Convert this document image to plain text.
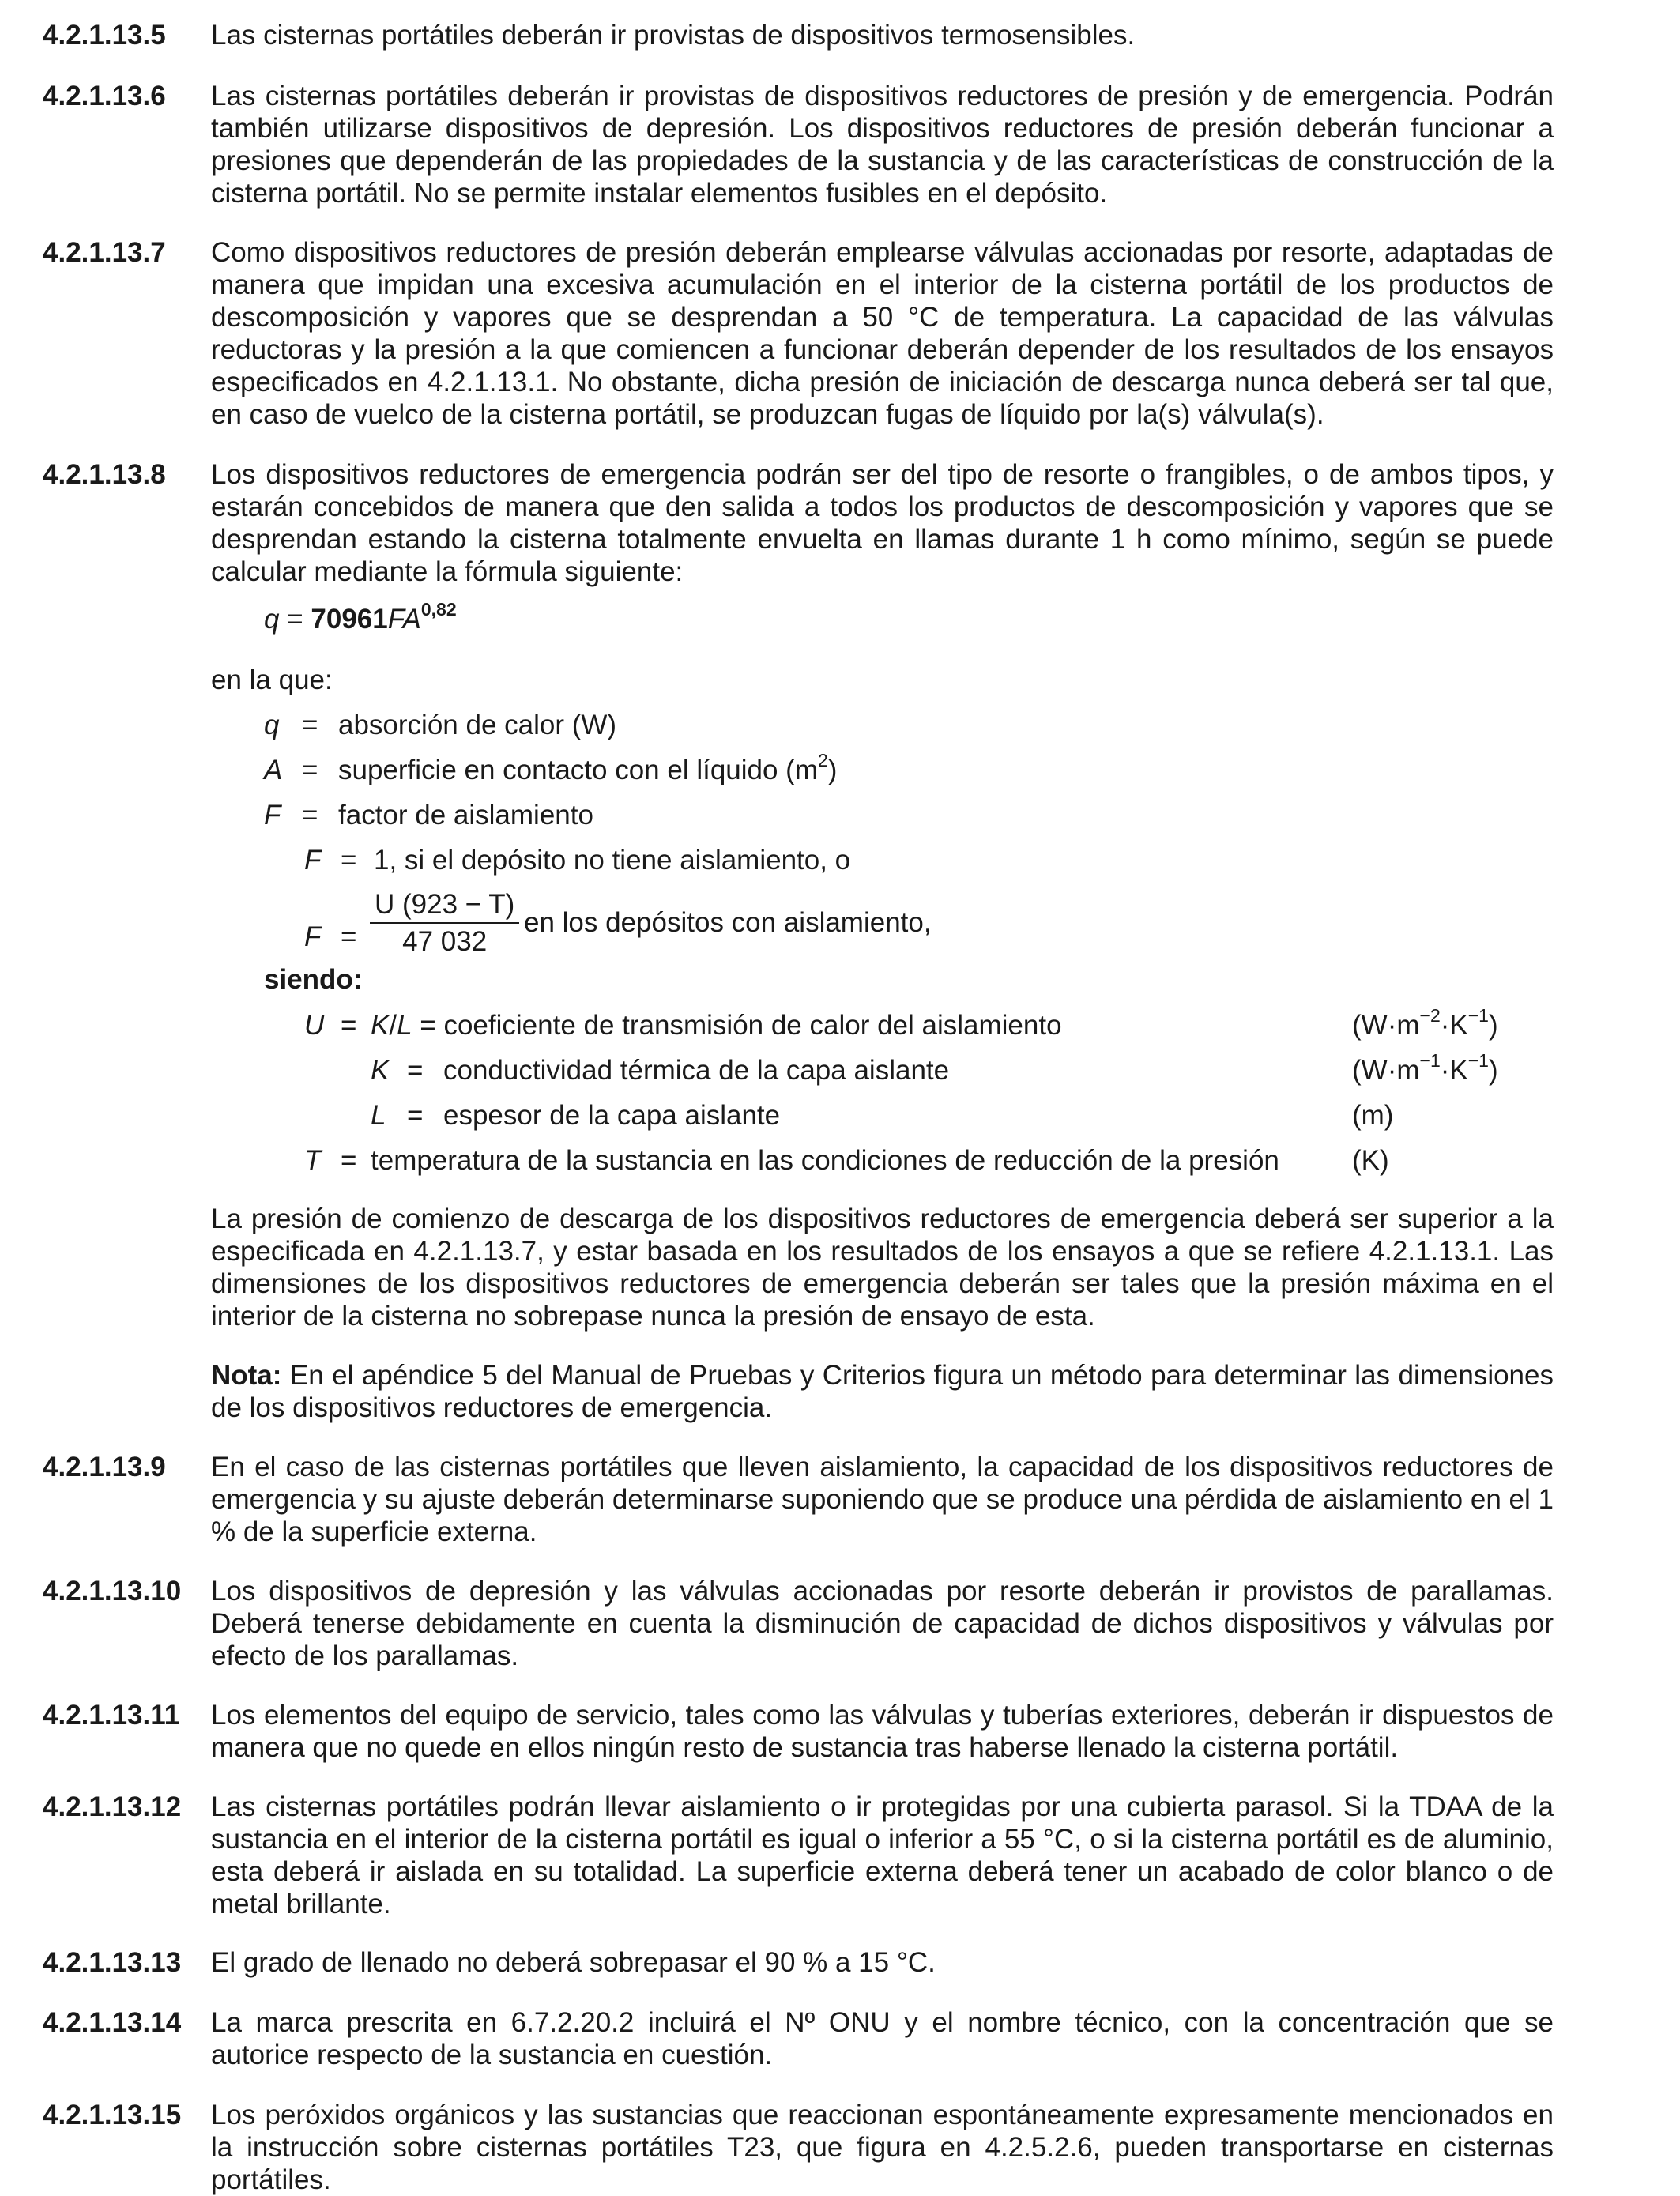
4.2.1.13.5 Las cisternas portátiles deberán ir provistas de dispositivos termosensibles.
4.2.1.13.6 Las cisternas portátiles deberán ir provistas de dispositivos reductores de presión y de emergencia. Podrán también utilizarse dispositivos de depresión. Los dispositivos reductores de presión deberán funcionar a presiones que dependerán de las propiedades de la sustancia y de las características de construcción de la cisterna portátil. No se permite instalar elementos fusibles en el depósito.
4.2.1.13.7 Como dispositivos reductores de presión deberán emplearse válvulas accionadas por resorte, adaptadas de manera que impidan una excesiva acumulación en el interior de la cisterna portátil de los productos de descomposición y vapores que se desprendan a 50 °C de temperatura. La capacidad de las válvulas reductoras y la presión a la que comiencen a funcionar deberán depender de los resultados de los ensayos especificados en 4.2.1.13.1. No obstante, dicha presión de iniciación de descarga nunca deberá ser tal que, en caso de vuelco de la cisterna portátil, se produzcan fugas de líquido por la(s) válvula(s).
4.2.1.13.8 Los dispositivos reductores de emergencia podrán ser del tipo de resorte o frangibles, o de ambos tipos, y estarán concebidos de manera que den salida a todos los productos de descomposición y vapores que se desprendan estando la cisterna totalmente envuelta en llamas durante 1 h como mínimo, según se puede calcular mediante la fórmula siguiente:
q = 70961FA$^{0,82}$
en la que:
q = absorción de calor (W)
A = superficie en contacto con el líquido $(m^2)$
F = factor de aislamiento
F = 1, si el depósito no tiene aislamiento, o
$F = \frac{U (923 - T)}{47 032}$ en los depósitos con aislamiento,
siendo:
U = K/L = coeficiente de transmisión de calor del aislamiento	$(W\cdot m^{-2}\cdot K^{-1})$
K = conductividad térmica de la capa aislante	$(W\cdot m^{-1}\cdot K^{-1})$
L = espesor de la capa aislante	(m)
T = temperatura de la sustancia en las condiciones de reducción de la presión	(K)
La presión de comienzo de descarga de los dispositivos reductores de emergencia deberá ser superior a la especificada en 4.2.1.13.7, y estar basada en los resultados de los ensayos a que se refiere 4.2.1.13.1. Las dimensiones de los dispositivos reductores de emergencia deberán ser tales que la presión máxima en el interior de la cisterna no sobrepase nunca la presión de ensayo de esta.
Nota: En el apéndice 5 del Manual de Pruebas y Criterios figura un método para determinar las dimensiones de los dispositivos reductores de emergencia.
4.2.1.13.9 En el caso de las cisternas portátiles que lleven aislamiento, la capacidad de los dispositivos reductores de emergencia y su ajuste deberán determinarse suponiendo que se produce una pérdida de aislamiento en el 1 % de la superficie externa.
4.2.1.13.10 Los dispositivos de depresión y las válvulas accionadas por resorte deberán ir provistos de parallamas. Deberá tenerse debidamente en cuenta la disminución de capacidad de dichos dispositivos y válvulas por efecto de los parallamas.
4.2.1.13.11 Los elementos del equipo de servicio, tales como las válvulas y tuberías exteriores, deberán ir dispuestos de manera que no quede en ellos ningún resto de sustancia tras haberse llenado la cisterna portátil.
4.2.1.13.12 Las cisternas portátiles podrán llevar aislamiento o ir protegidas por una cubierta parasol. Si la TDAA de la sustancia en el interior de la cisterna portátil es igual o inferior a 55 °C, o si la cisterna portátil es de aluminio, esta deberá ir aislada en su totalidad. La superficie externa deberá tener un acabado de color blanco o de metal brillante.
4.2.1.13.13 El grado de llenado no deberá sobrepasar el 90 % a 15 °C.
4.2.1.13.14 La marca prescrita en 6.7.2.20.2 incluirá el Nº ONU y el nombre técnico, con la concentración que se autorice respecto de la sustancia en cuestión.
4.2.1.13.15 Los peróxidos orgánicos y las sustancias que reaccionan espontáneamente expresamente mencionados en la instrucción sobre cisternas portátiles T23, que figura en 4.2.5.2.6, pueden transportarse en cisternas portátiles.
